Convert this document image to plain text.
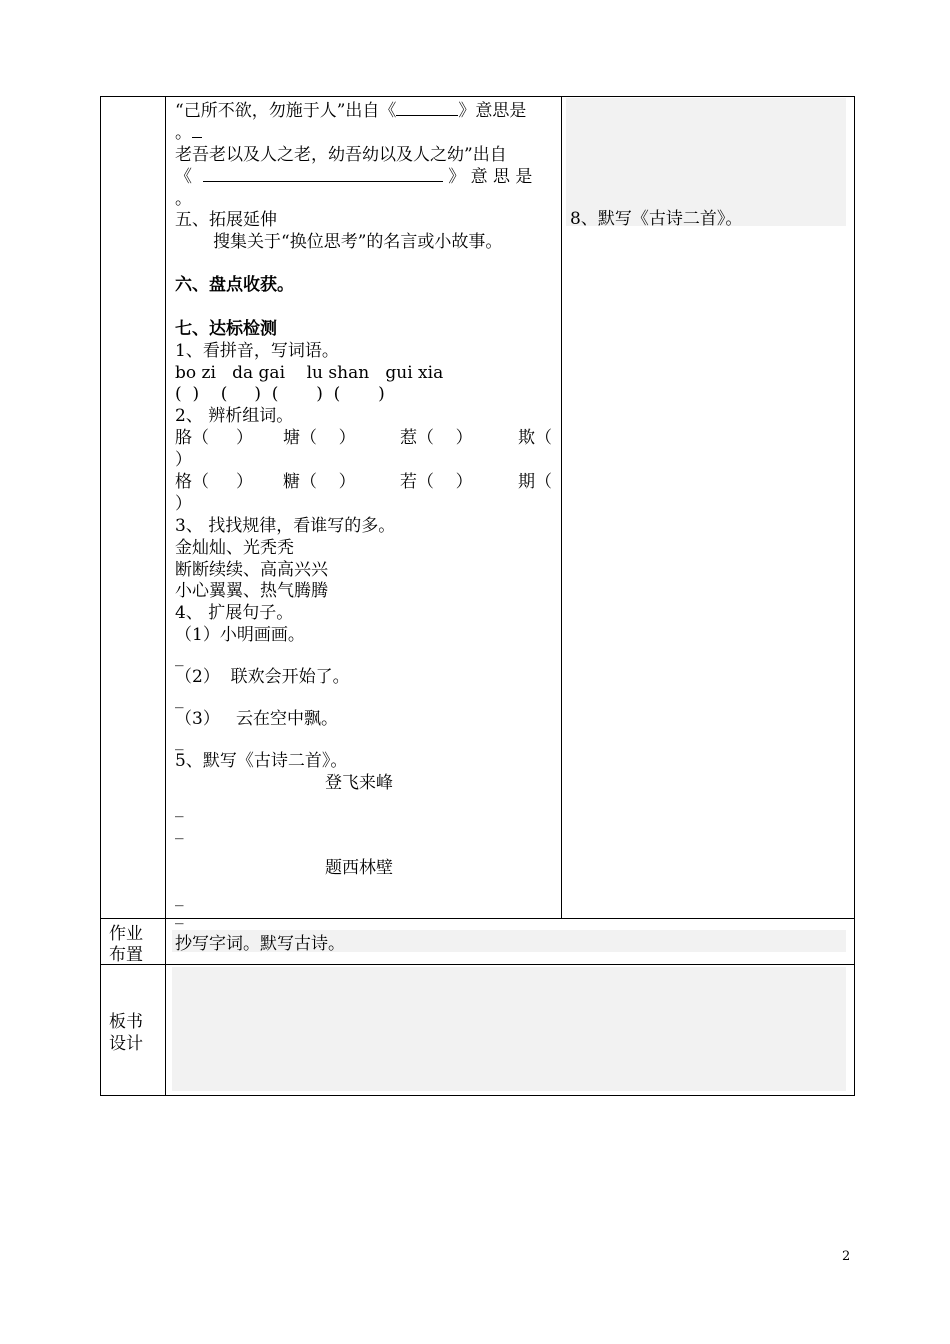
“己所不欲，勿施于人”出自《	》意思是
。
老吾老以及人之老，幼吾幼以及人之幼”出自
《	》 意 思 是
。
五、拓展延伸
搜集关于“换位思考”的名言或小故事。
六、盘点收获。
七、达标检测
1、看拼音，写词语。
bo zi   da gai    lu shan   gui xia
(  )    (     )  (       )  (       )
2、 辨析组词。
胳（     ） 塘（    ）	惹（    ）	欺（
）
格（     ） 糖（    ）	若（    ）	期（
）
3、 找找规律，看谁写的多。
金灿灿、光秃秃
断断续续、高高兴兴
小心翼翼、热气腾腾
4、 扩展句子。
（1）小明画画。
_
（2）  联欢会开始了。
_
（3）   云在空中飘。
_
5、默写《古诗二首》。
登飞来峰
_
_
题西林壁
_
_
8、默写《古诗二首》。
作业
布置
抄写字词。默写古诗。
板书
设计
2
